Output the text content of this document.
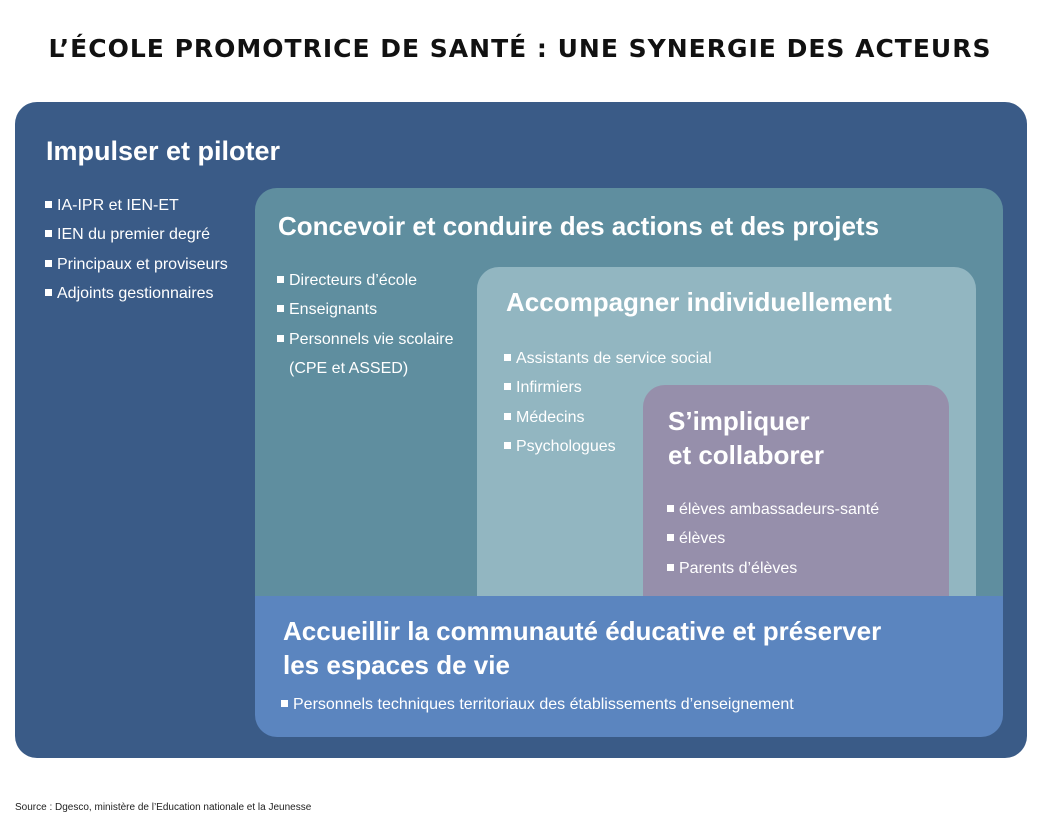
L’ÉCOLE PROMOTRICE DE SANTÉ : UNE SYNERGIE DES ACTEURS
Impulser et piloter
IA-IPR et IEN-ET
IEN du premier degré
Principaux et proviseurs
Adjoints gestionnaires
Concevoir et conduire des actions et des projets
Directeurs d’école
Enseignants
Personnels vie scolaire
(CPE et ASSED)
Accompagner individuellement
Assistants de service social
Infirmiers
Médecins
Psychologues
S’impliquer
et collaborer
élèves ambassadeurs-santé
élèves
Parents d’élèves
Accueillir la communauté éducative et préserver
les espaces de vie
Personnels techniques territoriaux des établissements d’enseignement
Source : Dgesco, ministère de l’Education nationale et la Jeunesse
